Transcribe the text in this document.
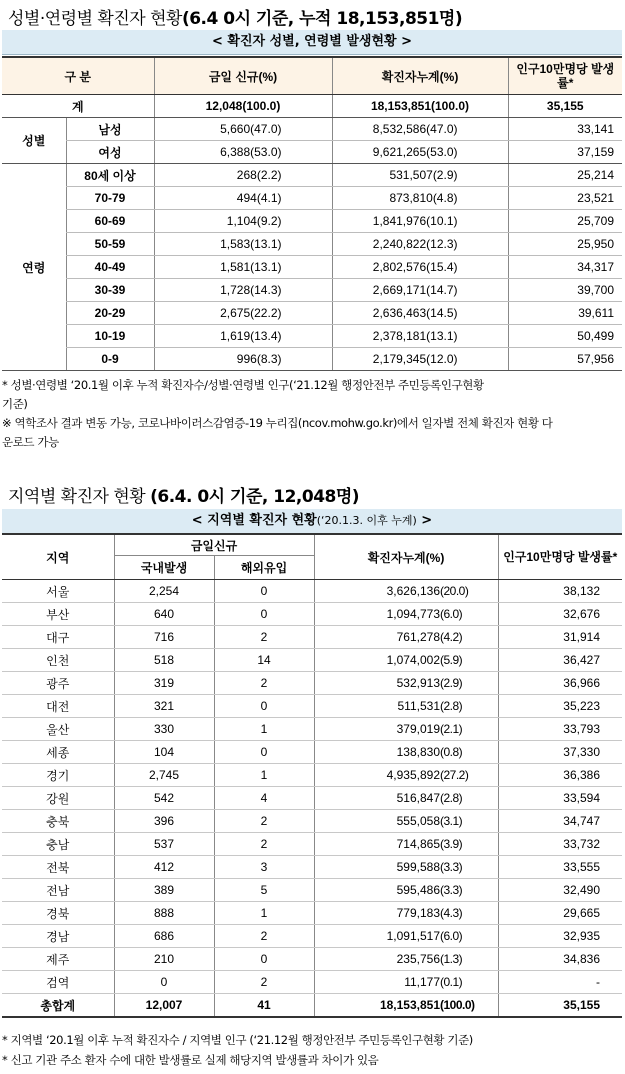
성별·연령별 확진자 현황(6.4 0시 기준, 누적 18,153,851명)
< 확진자 성별, 연령별 발생현황 >
구 분		금일 신규(%)	확진자누계(%)	인구10만명당 발생률*
계		12,048(100.0)	18,153,851(100.0)	35,155
성별	남성	5,660(47.0)	8,532,586(47.0)	33,141
	여성	6,388(53.0)	9,621,265(53.0)	37,159
연령	80세 이상	268(2.2)	531,507(2.9)	25,214
	70-79	494(4.1)	873,810(4.8)	23,521
	60-69	1,104(9.2)	1,841,976(10.1)	25,709
	50-59	1,583(13.1)	2,240,822(12.3)	25,950
	40-49	1,581(13.1)	2,802,576(15.4)	34,317
	30-39	1,728(14.3)	2,669,171(14.7)	39,700
	20-29	2,675(22.2)	2,636,463(14.5)	39,611
	10-19	1,619(13.4)	2,378,181(13.1)	50,499
	0-9	996(8.3)	2,179,345(12.0)	57,956
* 성별·연령별 ‘20.1월 이후 누적 확진자수/성별·연령별 인구(‘21.12월 행정안전부 주민등록인구현황
기준)
※ 역학조사 결과 변동 가능, 코로나바이러스감염증-19 누리집(ncov.mohw.go.kr)에서 일자별 전체 확진자 현황 다
운로드 가능
지역별 확진자 현황 (6.4. 0시 기준, 12,048명)
< 지역별 확진자 현황(‘20.1.3. 이후 누계) >
지역	금일신규		확진자누계(%)		인구10만명당 발생률*
	국내발생	해외유입			
서울	2,254	0	3,626,136	(20.0)	38,132
부산	640	0	1,094,773	(6.0)	32,676
대구	716	2	761,278	(4.2)	31,914
인천	518	14	1,074,002	(5.9)	36,427
광주	319	2	532,913	(2.9)	36,966
대전	321	0	511,531	(2.8)	35,223
울산	330	1	379,019	(2.1)	33,793
세종	104	0	138,830	(0.8)	37,330
경기	2,745	1	4,935,892	(27.2)	36,386
강원	542	4	516,847	(2.8)	33,594
충북	396	2	555,058	(3.1)	34,747
충남	537	2	714,865	(3.9)	33,732
전북	412	3	599,588	(3.3)	33,555
전남	389	5	595,486	(3.3)	32,490
경북	888	1	779,183	(4.3)	29,665
경남	686	2	1,091,517	(6.0)	32,935
제주	210	0	235,756	(1.3)	34,836
검역	0	2	11,177	(0.1)	-
총합계	12,007	41	18,153,851	(100.0)	35,155
* 지역별 ‘20.1월 이후 누적 확진자수 / 지역별 인구 (‘21.12월 행정안전부 주민등록인구현황 기준)
* 신고 기관 주소 환자 수에 대한 발생률로 실제 해당지역 발생률과 차이가 있음
